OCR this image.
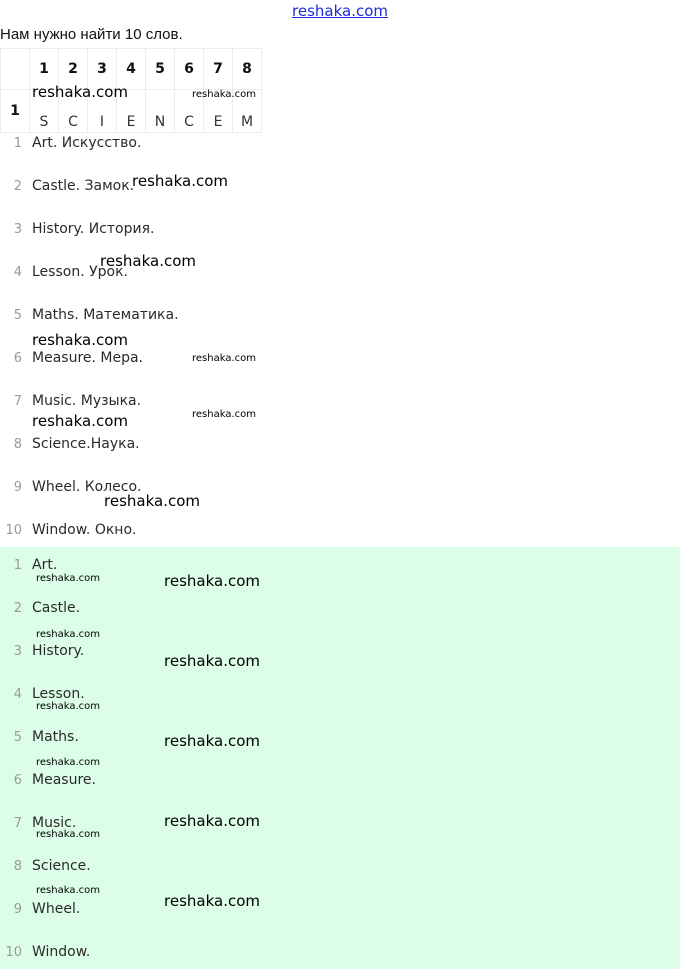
reshaka.com
Нам нужно найти 10 слов.
	1	2	3	4	5	6	7	8
1	S	C	I	E	N	C	E	M
1 Art. Искусство.
2 Castle. Замок.
3 History. История.
4 Lesson. Урок.
5 Maths. Математика.
6 Measure. Мера.
7 Music. Музыка.
8 Science.Наука.
9 Wheel. Колесо.
10 Window. Окно.
1 Art.
2 Castle.
3 History.
4 Lesson.
5 Maths.
6 Measure.
7 Music.
8 Science.
9 Wheel.
10 Window.
reshaka.com	reshaka.com
reshaka.com
reshaka.com
reshaka.com
reshaka.com
reshaka.com
reshaka.com
reshaka.com
reshaka.com	reshaka.com
reshaka.com
reshaka.com
reshaka.com
reshaka.com
reshaka.com
reshaka.com
reshaka.com
reshaka.com
reshaka.com
